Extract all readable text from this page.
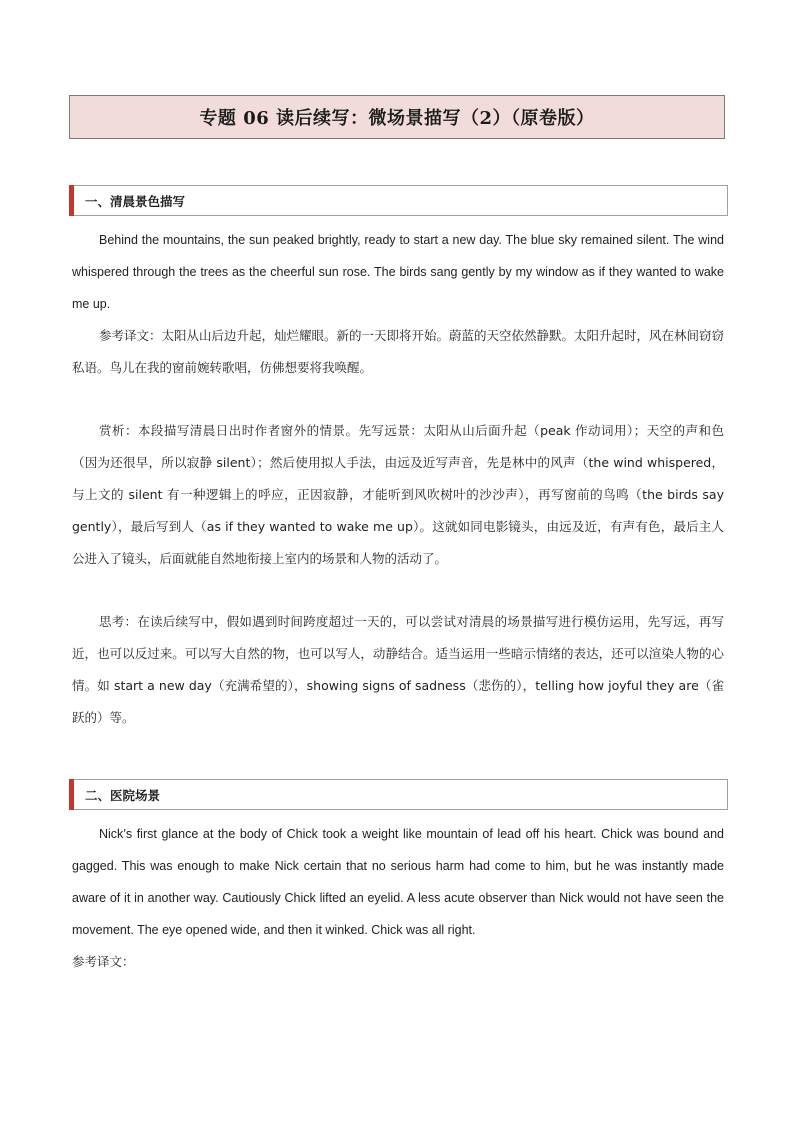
专题 06 读后续写：微场景描写（2）（原卷版）
一、清晨景色描写

Behind the mountains, the sun peaked brightly, ready to start a new day. The blue sky remained silent. The wind whispered through the trees as the cheerful sun rose. The birds sang gently by my window as if they wanted to wake me up.

参考译文：太阳从山后边升起，灿烂耀眼。新的一天即将开始。蔚蓝的天空依然静默。太阳升起时，风在林间窃窃私语。鸟儿在我的窗前婉转歌唱，仿佛想要将我唤醒。

赏析：本段描写清晨日出时作者窗外的情景。先写远景：太阳从山后面升起（peak 作动词用）；天空的声和色（因为还很早，所以寂静 silent）；然后使用拟人手法，由远及近写声音，先是林中的风声（the wind whispered，与上文的 silent 有一种逻辑上的呼应，正因寂静，才能听到风吹树叶的沙沙声），再写窗前的鸟鸣（the birds say gently），最后写到人（as if they wanted to wake me up）。这就如同电影镜头，由远及近，有声有色，最后主人公进入了镜头，后面就能自然地衔接上室内的场景和人物的活动了。

思考：在读后续写中，假如遇到时间跨度超过一天的，可以尝试对清晨的场景描写进行模仿运用，先写远，再写近，也可以反过来。可以写大自然的物，也可以写人，动静结合。适当运用一些暗示情绪的表达，还可以渲染人物的心情。如 start a new day（充满希望的），showing signs of sadness（悲伤的），telling how joyful they are（雀跃的）等。

二、医院场景

Nick’s first glance at the body of Chick took a weight like mountain of lead off his heart. Chick was bound and gagged. This was enough to make Nick certain that no serious harm had come to him, but he was instantly made aware of it in another way. Cautiously Chick lifted an eyelid. A less acute observer than Nick would not have seen the movement. The eye opened wide, and then it winked. Chick was all right.

参考译文：
